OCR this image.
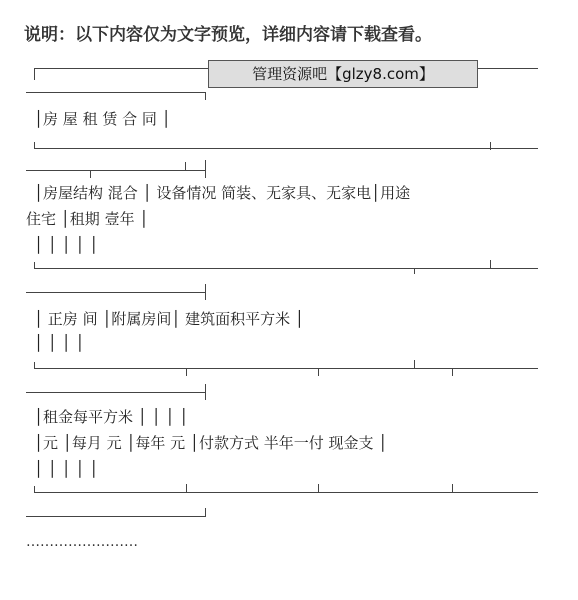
说明：以下内容仅为文字预览，详细内容请下载查看。
管理资源吧【glzy8.com】
│房 屋 租 赁 合 同 │
│房屋结构 混合 │ 设备情况 简装、无家具、无家电│用途
住宅 │租期 壹年 │
│ │ │ │ │
│ 正房 间 │附属房间│ 建筑面积平方米 │
│ │ │ │
│租金每平方米 │ │ │ │
│元 │每月 元 │每年 元 │付款方式 半年一付 现金支 │
│ │ │ │ │
……………………
